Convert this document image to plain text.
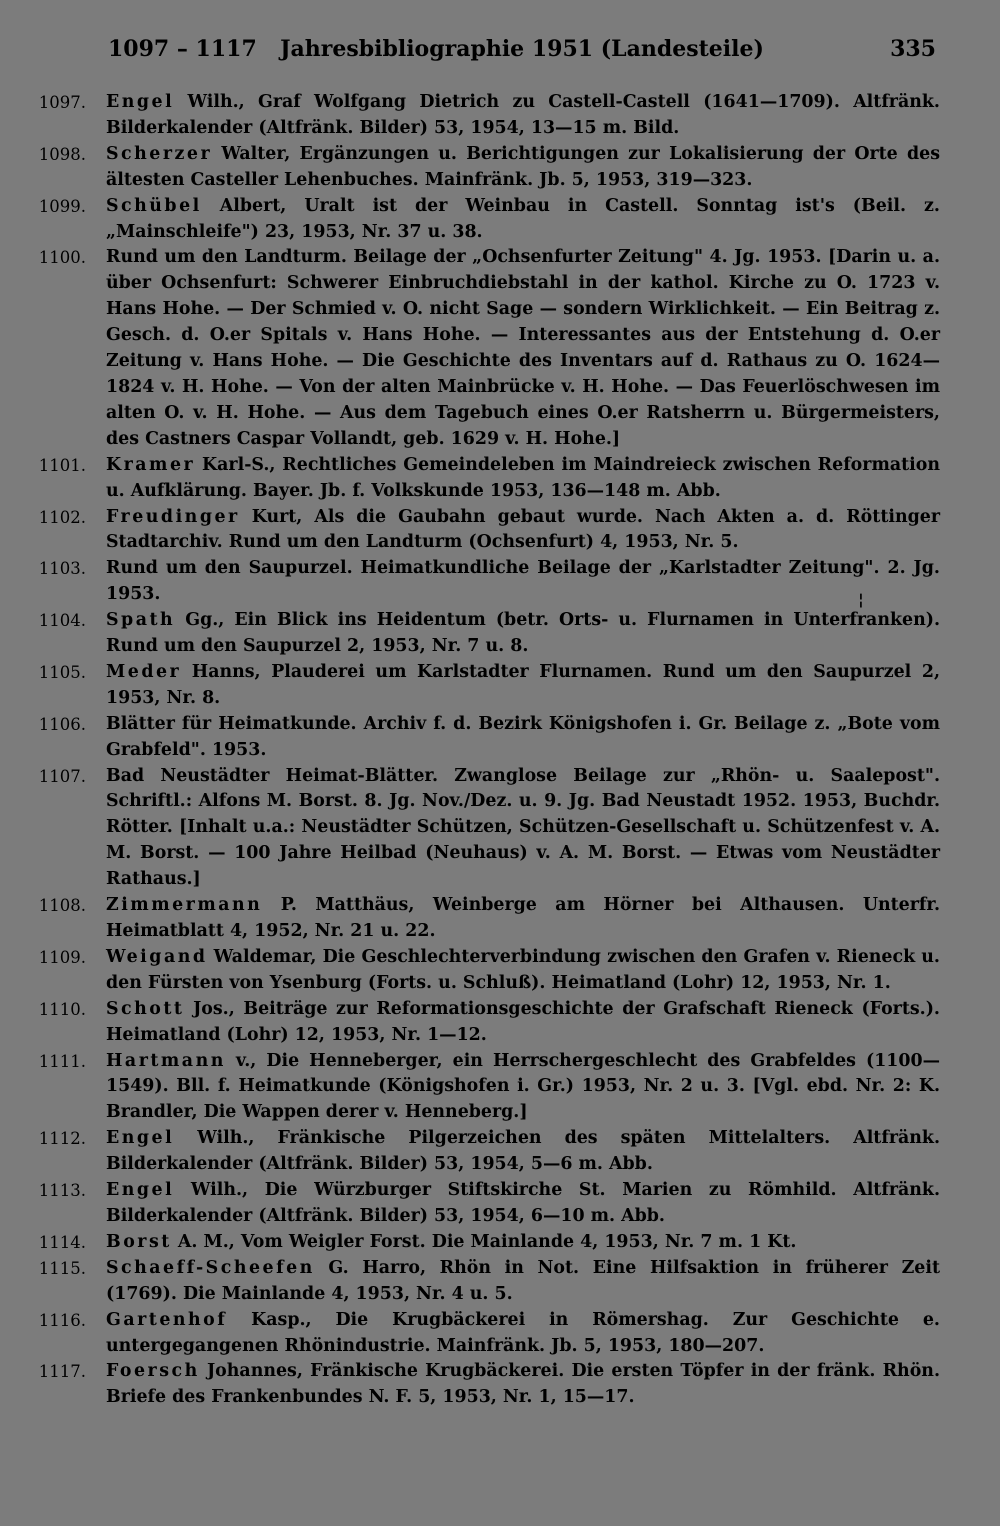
1097 – 1117	Jahresbibliographie 1951 (Landesteile)	335
1097. Engel Wilh., Graf Wolfgang Dietrich zu Castell-Castell (1641—1709). Altfränk. Bilderkalender (Altfränk. Bilder) 53, 1954, 13—15 m. Bild.
1098. Scherzer Walter, Ergänzungen u. Berichtigungen zur Lokalisierung der Orte des ältesten Casteller Lehenbuches. Mainfränk. Jb. 5, 1953, 319—323.
1099. Schübel Albert, Uralt ist der Weinbau in Castell. Sonntag ist's (Beil. z. „Mainschleife") 23, 1953, Nr. 37 u. 38.
1100. Rund um den Landturm. Beilage der „Ochsenfurter Zeitung" 4. Jg. 1953. [Darin u. a. über Ochsenfurt: Schwerer Einbruchdiebstahl in der kathol. Kirche zu O. 1723 v. Hans Hohe. — Der Schmied v. O. nicht Sage — sondern Wirklichkeit. — Ein Beitrag z. Gesch. d. O.er Spitals v. Hans Hohe. — Interessantes aus der Entstehung d. O.er Zeitung v. Hans Hohe. — Die Geschichte des Inventars auf d. Rathaus zu O. 1624—1824 v. H. Hohe. — Von der alten Mainbrücke v. H. Hohe. — Das Feuerlöschwesen im alten O. v. H. Hohe. — Aus dem Tagebuch eines O.er Ratsherrn u. Bürgermeisters, des Castners Caspar Vollandt, geb. 1629 v. H. Hohe.]
1101. Kramer Karl-S., Rechtliches Gemeindeleben im Maindreieck zwischen Reformation u. Aufklärung. Bayer. Jb. f. Volkskunde 1953, 136—148 m. Abb.
1102. Freudinger Kurt, Als die Gaubahn gebaut wurde. Nach Akten a. d. Röttinger Stadtarchiv. Rund um den Landturm (Ochsenfurt) 4, 1953, Nr. 5.
1103. Rund um den Saupurzel. Heimatkundliche Beilage der „Karlstadter Zeitung". 2. Jg. 1953.
1104. Spath Gg., Ein Blick ins Heidentum (betr. Orts- u. Flurnamen in Unterfranken). Rund um den Saupurzel 2, 1953, Nr. 7 u. 8.
1105. Meder Hanns, Plauderei um Karlstadter Flurnamen. Rund um den Saupurzel 2, 1953, Nr. 8.
1106. Blätter für Heimatkunde. Archiv f. d. Bezirk Königshofen i. Gr. Beilage z. „Bote vom Grabfeld". 1953.
1107. Bad Neustädter Heimat-Blätter. Zwanglose Beilage zur „Rhön- u. Saalepost". Schriftl.: Alfons M. Borst. 8. Jg. Nov./Dez. u. 9. Jg. Bad Neustadt 1952. 1953, Buchdr. Rötter. [Inhalt u.a.: Neustädter Schützen, Schützen-Gesellschaft u. Schützenfest v. A. M. Borst. — 100 Jahre Heilbad (Neuhaus) v. A. M. Borst. — Etwas vom Neustädter Rathaus.]
1108. Zimmermann P. Matthäus, Weinberge am Hörner bei Althausen. Unterfr. Heimatblatt 4, 1952, Nr. 21 u. 22.
1109. Weigand Waldemar, Die Geschlechterverbindung zwischen den Grafen v. Rieneck u. den Fürsten von Ysenburg (Forts. u. Schluß). Heimatland (Lohr) 12, 1953, Nr. 1.
1110. Schott Jos., Beiträge zur Reformationsgeschichte der Grafschaft Rieneck (Forts.). Heimatland (Lohr) 12, 1953, Nr. 1—12.
1111. Hartmann v., Die Henneberger, ein Herrschergeschlecht des Grabfeldes (1100—1549). Bll. f. Heimatkunde (Königshofen i. Gr.) 1953, Nr. 2 u. 3. [Vgl. ebd. Nr. 2: K. Brandler, Die Wappen derer v. Henneberg.]
1112. Engel Wilh., Fränkische Pilgerzeichen des späten Mittelalters. Altfränk. Bilderkalender (Altfränk. Bilder) 53, 1954, 5—6 m. Abb.
1113. Engel Wilh., Die Würzburger Stiftskirche St. Marien zu Römhild. Altfränk. Bilderkalender (Altfränk. Bilder) 53, 1954, 6—10 m. Abb.
1114. Borst A. M., Vom Weigler Forst. Die Mainlande 4, 1953, Nr. 7 m. 1 Kt.
1115. Schaeff-Scheefen G. Harro, Rhön in Not. Eine Hilfsaktion in früherer Zeit (1769). Die Mainlande 4, 1953, Nr. 4 u. 5.
1116. Gartenhof Kasp., Die Krugbäckerei in Römershag. Zur Geschichte e. untergegangenen Rhönindustrie. Mainfränk. Jb. 5, 1953, 180—207.
1117. Foersch Johannes, Fränkische Krugbäckerei. Die ersten Töpfer in der fränk. Rhön. Briefe des Frankenbundes N. F. 5, 1953, Nr. 1, 15—17.
¦
